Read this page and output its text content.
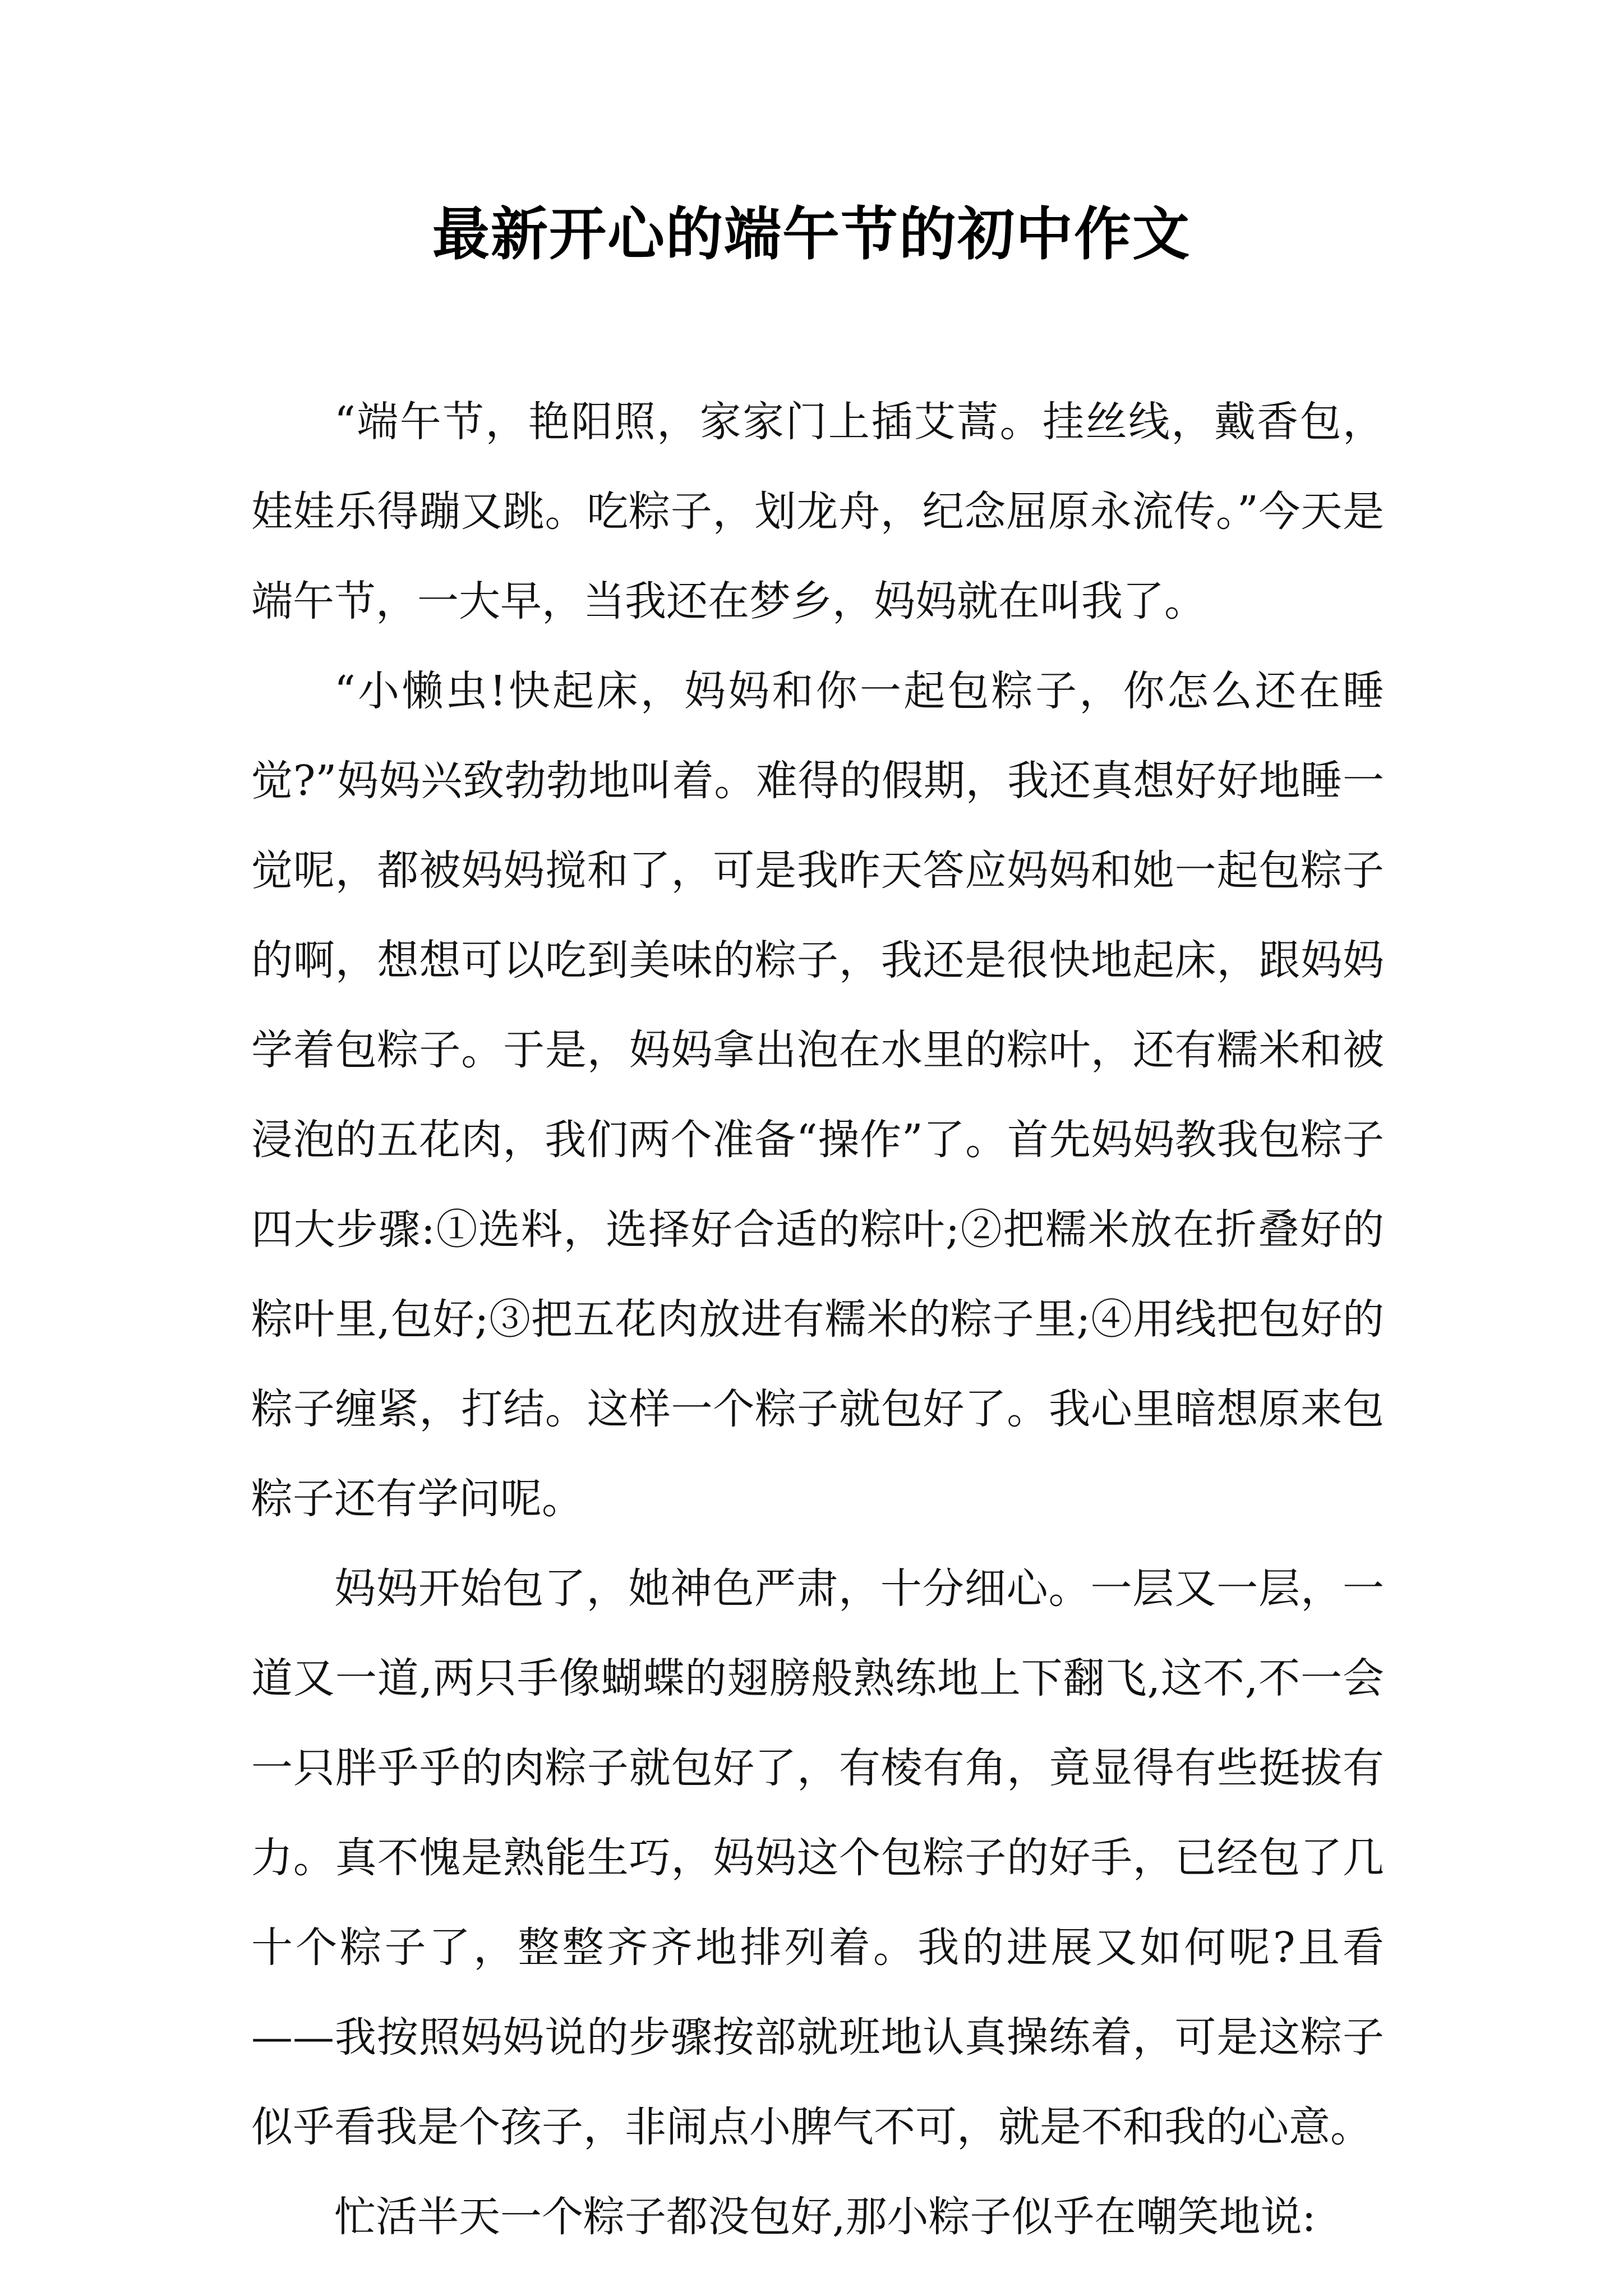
最新开心的端午节的初中作文

“端午节，艳阳照，家家门上插艾蒿。挂丝线，戴香包，娃娃乐得蹦又跳。吃粽子，划龙舟，纪念屈原永流传。”今天是端午节，一大早，当我还在梦乡，妈妈就在叫我了。

“小懒虫!快起床，妈妈和你一起包粽子，你怎么还在睡觉?”妈妈兴致勃勃地叫着。难得的假期，我还真想好好地睡一觉呢，都被妈妈搅和了，可是我昨天答应妈妈和她一起包粽子的啊，想想可以吃到美味的粽子，我还是很快地起床，跟妈妈学着包粽子。于是，妈妈拿出泡在水里的粽叶，还有糯米和被浸泡的五花肉，我们两个准备“操作”了。首先妈妈教我包粽子四大步骤:①选料，选择好合适的粽叶;②把糯米放在折叠好的粽叶里,包好;③把五花肉放进有糯米的粽子里;④用线把包好的粽子缠紧，打结。这样一个粽子就包好了。我心里暗想原来包粽子还有学问呢。

妈妈开始包了，她神色严肃，十分细心。一层又一层，一道又一道,两只手像蝴蝶的翅膀般熟练地上下翻飞,这不,不一会一只胖乎乎的肉粽子就包好了，有棱有角，竟显得有些挺拔有力。真不愧是熟能生巧，妈妈这个包粽子的好手，已经包了几十个粽子了，整整齐齐地排列着。我的进展又如何呢?且看——我按照妈妈说的步骤按部就班地认真操练着，可是这粽子似乎看我是个孩子，非闹点小脾气不可，就是不和我的心意。

忙活半天一个粽子都没包好,那小粽子似乎在嘲笑地说:
